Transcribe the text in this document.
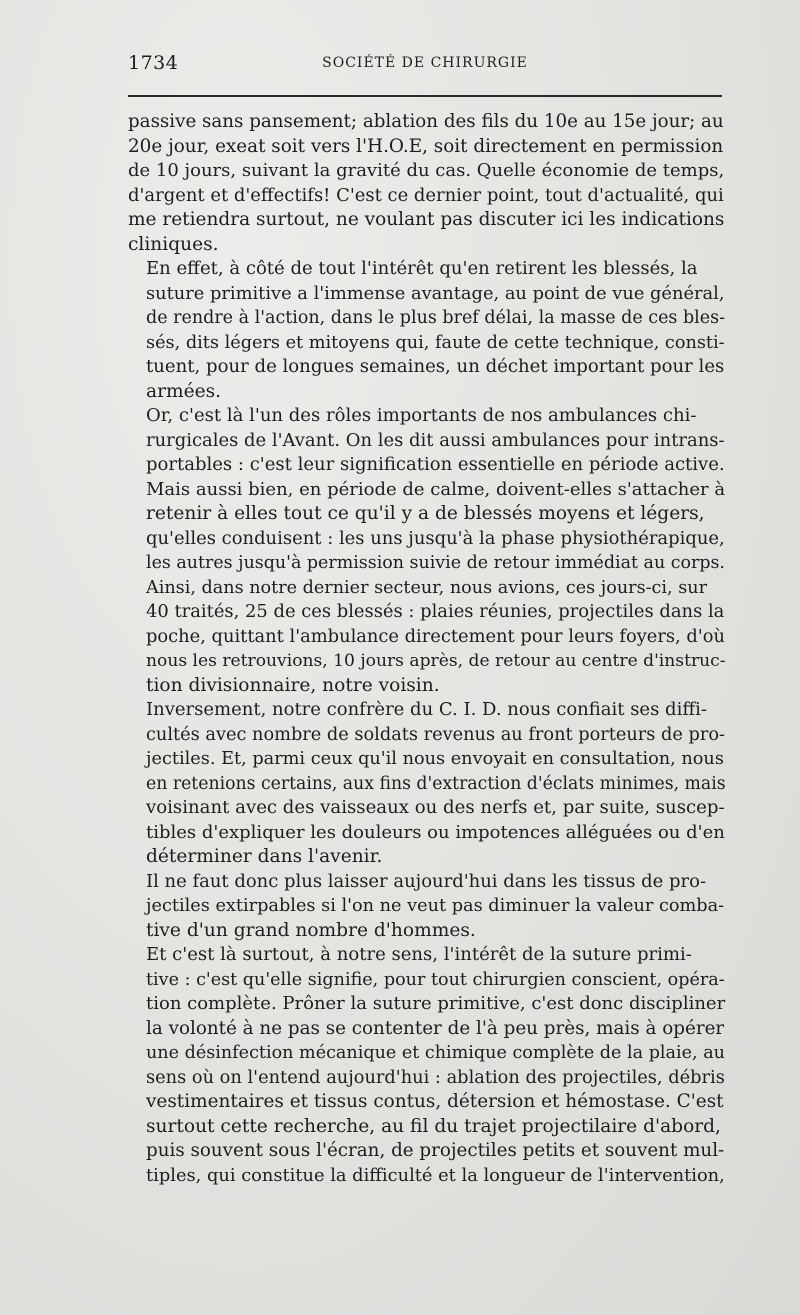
1734	SOCIÉTÉ DE CHIRURGIE

passive sans pansement; ablation des fils du 10e au 15e jour; au
20e jour, exeat soit vers l'H.O.E, soit directement en permission
de 10 jours, suivant la gravité du cas. Quelle économie de temps,
d'argent et d'effectifs! C'est ce dernier point, tout d'actualité, qui
me retiendra surtout, ne voulant pas discuter ici les indications
cliniques.

En effet, à côté de tout l'intérêt qu'en retirent les blessés, la
suture primitive a l'immense avantage, au point de vue général,
de rendre à l'action, dans le plus bref délai, la masse de ces bles-
sés, dits légers et mitoyens qui, faute de cette technique, consti-
tuent, pour de longues semaines, un déchet important pour les
armées.

Or, c'est là l'un des rôles importants de nos ambulances chi-
rurgicales de l'Avant. On les dit aussi ambulances pour intrans-
portables : c'est leur signification essentielle en période active.
Mais aussi bien, en période de calme, doivent-elles s'attacher à
retenir à elles tout ce qu'il y a de blessés moyens et légers,
qu'elles conduisent : les uns jusqu'à la phase physiothérapique,
les autres jusqu'à permission suivie de retour immédiat au corps.

Ainsi, dans notre dernier secteur, nous avions, ces jours-ci, sur
40 traités, 25 de ces blessés : plaies réunies, projectiles dans la
poche, quittant l'ambulance directement pour leurs foyers, d'où
nous les retrouvions, 10 jours après, de retour au centre d'instruc-
tion divisionnaire, notre voisin.

Inversement, notre confrère du C. I. D. nous confiait ses diffi-
cultés avec nombre de soldats revenus au front porteurs de pro-
jectiles. Et, parmi ceux qu'il nous envoyait en consultation, nous
en retenions certains, aux fins d'extraction d'éclats minimes, mais
voisinant avec des vaisseaux ou des nerfs et, par suite, suscep-
tibles d'expliquer les douleurs ou impotences alléguées ou d'en
déterminer dans l'avenir.

Il ne faut donc plus laisser aujourd'hui dans les tissus de pro-
jectiles extirpables si l'on ne veut pas diminuer la valeur comba-
tive d'un grand nombre d'hommes.

Et c'est là surtout, à notre sens, l'intérêt de la suture primi-
tive : c'est qu'elle signifie, pour tout chirurgien conscient, opéra-
tion complète. Prôner la suture primitive, c'est donc discipliner
la volonté à ne pas se contenter de l'à peu près, mais à opérer
une désinfection mécanique et chimique complète de la plaie, au
sens où on l'entend aujourd'hui : ablation des projectiles, débris
vestimentaires et tissus contus, détersion et hémostase. C'est
surtout cette recherche, au fil du trajet projectilaire d'abord,
puis souvent sous l'écran, de projectiles petits et souvent mul-
tiples, qui constitue la difficulté et la longueur de l'intervention,
